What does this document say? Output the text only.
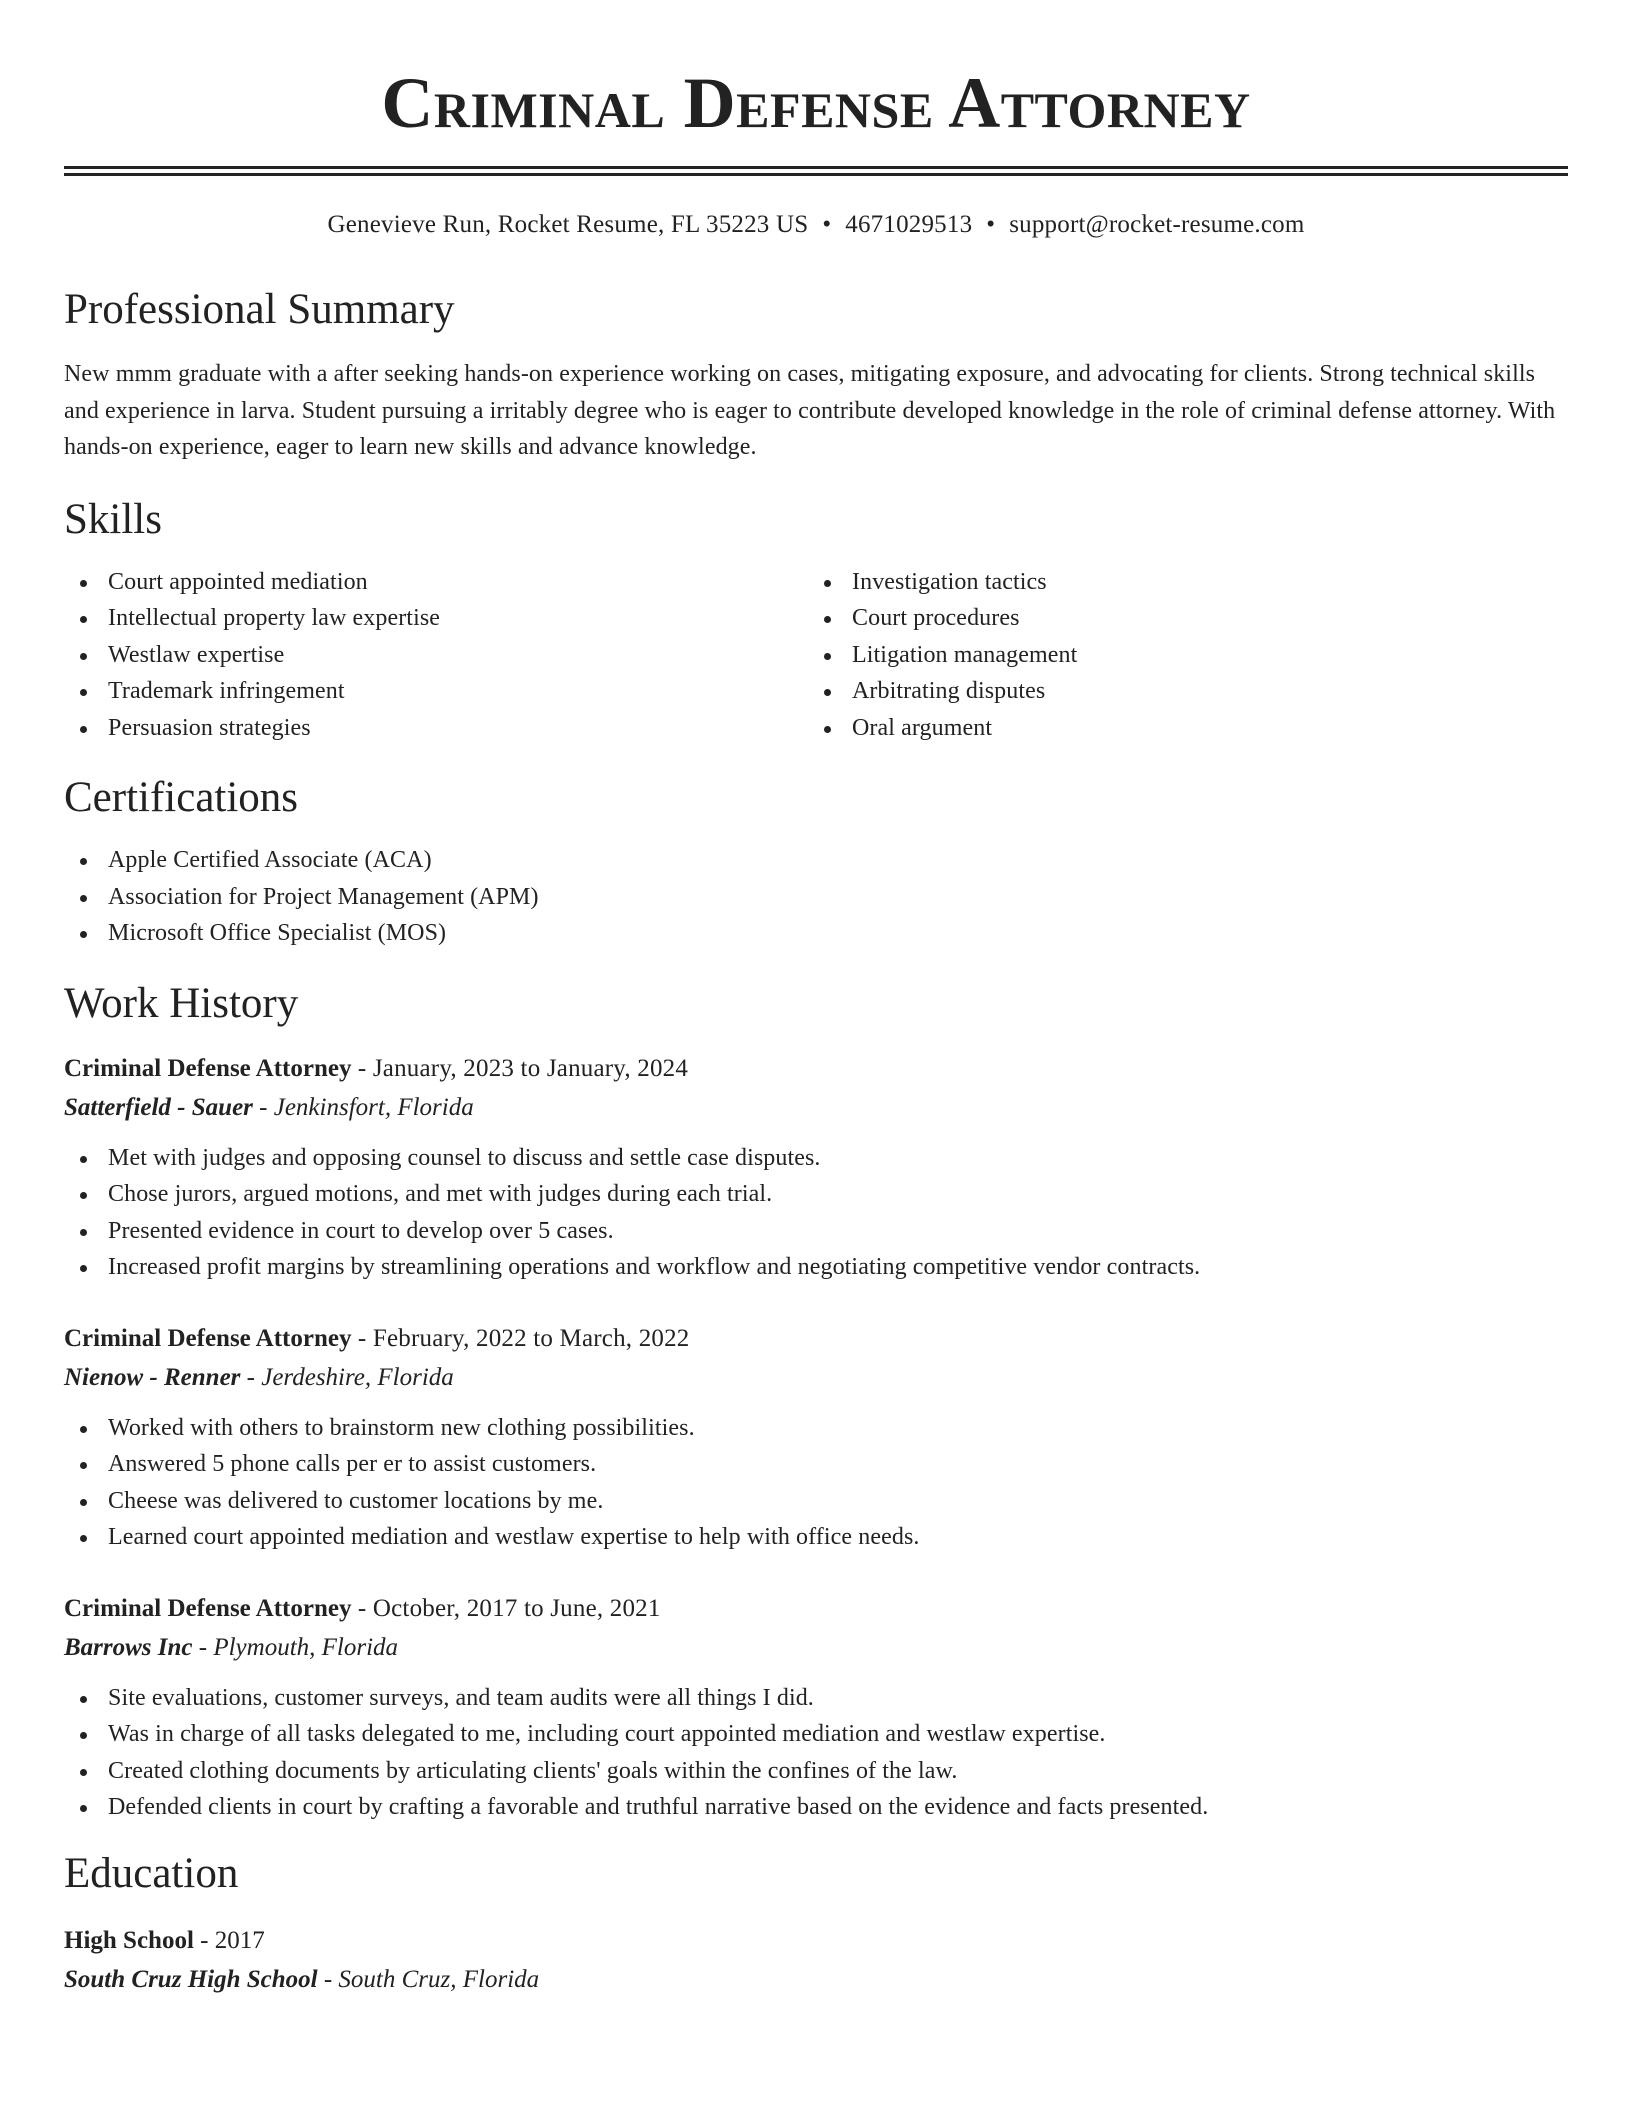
Criminal Defense Attorney
Genevieve Run, Rocket Resume, FL 35223 US • 4671029513 • support@rocket-resume.com
Professional Summary

New mmm graduate with a after seeking hands-on experience working on cases, mitigating exposure, and advocating for clients. Strong technical skills and experience in larva. Student pursuing a irritably degree who is eager to contribute developed knowledge in the role of criminal defense attorney. With hands-on experience, eager to learn new skills and advance knowledge.

Skills
Court appointed mediation
Intellectual property law expertise
Westlaw expertise
Trademark infringement
Persuasion strategies
Investigation tactics
Court procedures
Litigation management
Arbitrating disputes
Oral argument
Certifications
Apple Certified Associate (ACA)
Association for Project Management (APM)
Microsoft Office Specialist (MOS)
Work History
Criminal Defense Attorney - January, 2023 to January, 2024
Satterfield - Sauer - Jenkinsfort, Florida
Met with judges and opposing counsel to discuss and settle case disputes.
Chose jurors, argued motions, and met with judges during each trial.
Presented evidence in court to develop over 5 cases.
Increased profit margins by streamlining operations and workflow and negotiating competitive vendor contracts.
Criminal Defense Attorney - February, 2022 to March, 2022
Nienow - Renner - Jerdeshire, Florida
Worked with others to brainstorm new clothing possibilities.
Answered 5 phone calls per er to assist customers.
Cheese was delivered to customer locations by me.
Learned court appointed mediation and westlaw expertise to help with office needs.
Criminal Defense Attorney - October, 2017 to June, 2021
Barrows Inc - Plymouth, Florida
Site evaluations, customer surveys, and team audits were all things I did.
Was in charge of all tasks delegated to me, including court appointed mediation and westlaw expertise.
Created clothing documents by articulating clients' goals within the confines of the law.
Defended clients in court by crafting a favorable and truthful narrative based on the evidence and facts presented.
Education
High School - 2017
South Cruz High School - South Cruz, Florida
